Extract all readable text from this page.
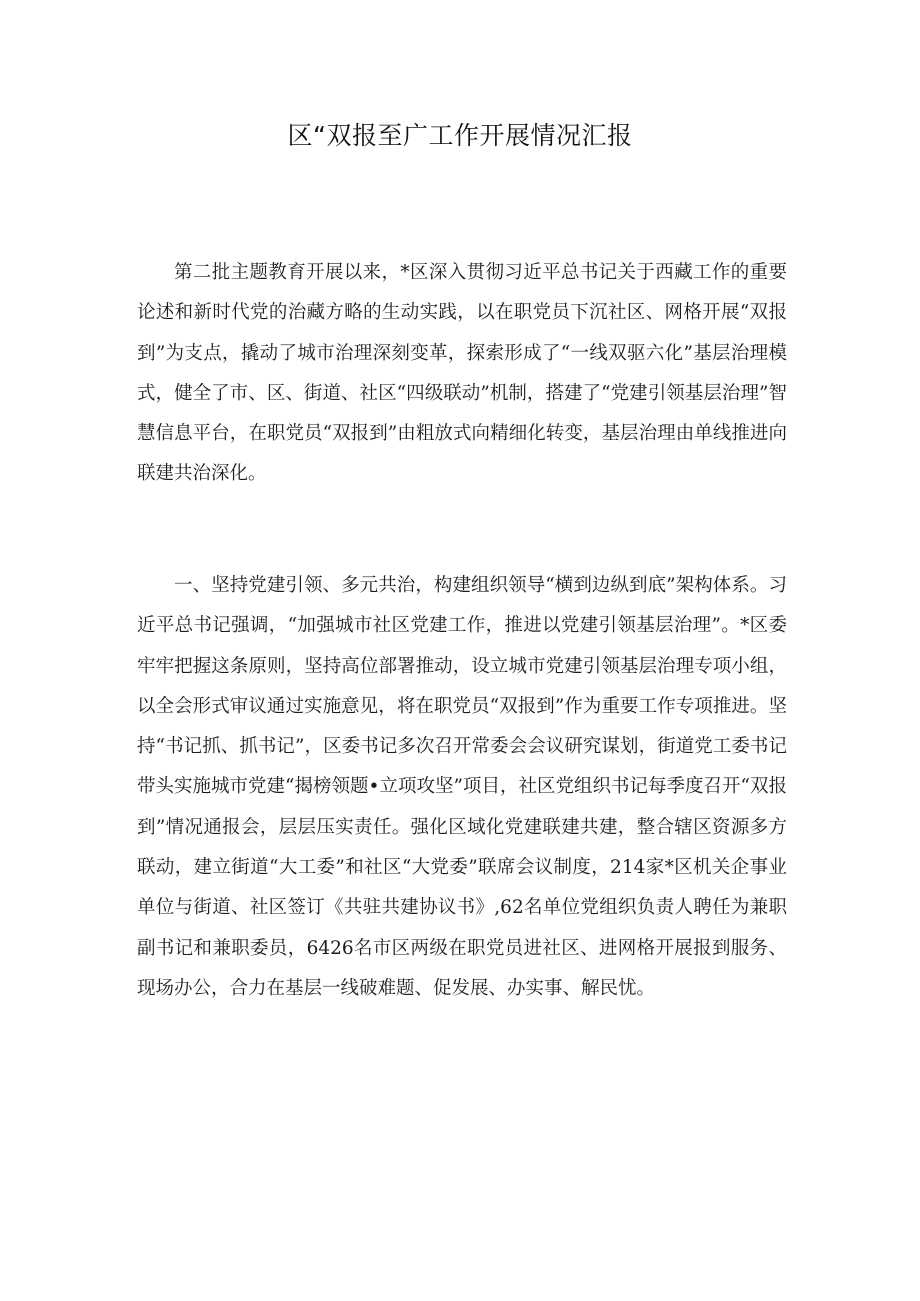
区“双报至广工作开展情况汇报

第二批主题教育开展以来，*区深入贯彻习近平总书记关于西藏工作的重要论述和新时代党的治藏方略的生动实践，以在职党员下沉社区、网格开展“双报到”为支点，撬动了城市治理深刻变革，探索形成了“一线双驱六化”基层治理模式，健全了市、区、街道、社区“四级联动”机制，搭建了“党建引领基层治理”智慧信息平台，在职党员“双报到”由粗放式向精细化转变，基层治理由单线推进向联建共治深化。

一、坚持党建引领、多元共治，构建组织领导“横到边纵到底”架构体系。习近平总书记强调，“加强城市社区党建工作，推进以党建引领基层治理”。*区委牢牢把握这条原则，坚持高位部署推动，设立城市党建引领基层治理专项小组，以全会形式审议通过实施意见，将在职党员“双报到”作为重要工作专项推进。坚持“书记抓、抓书记”，区委书记多次召开常委会会议研究谋划，街道党工委书记带头实施城市党建“揭榜领题•立项攻坚”项目，社区党组织书记每季度召开“双报到”情况通报会，层层压实责任。强化区域化党建联建共建，整合辖区资源多方联动，建立街道“大工委”和社区“大党委”联席会议制度，214家*区机关企事业单位与街道、社区签订《共驻共建协议书》,62名单位党组织负责人聘任为兼职副书记和兼职委员，6426名市区两级在职党员进社区、进网格开展报到服务、现场办公，合力在基层一线破难题、促发展、办实事、解民忧。
